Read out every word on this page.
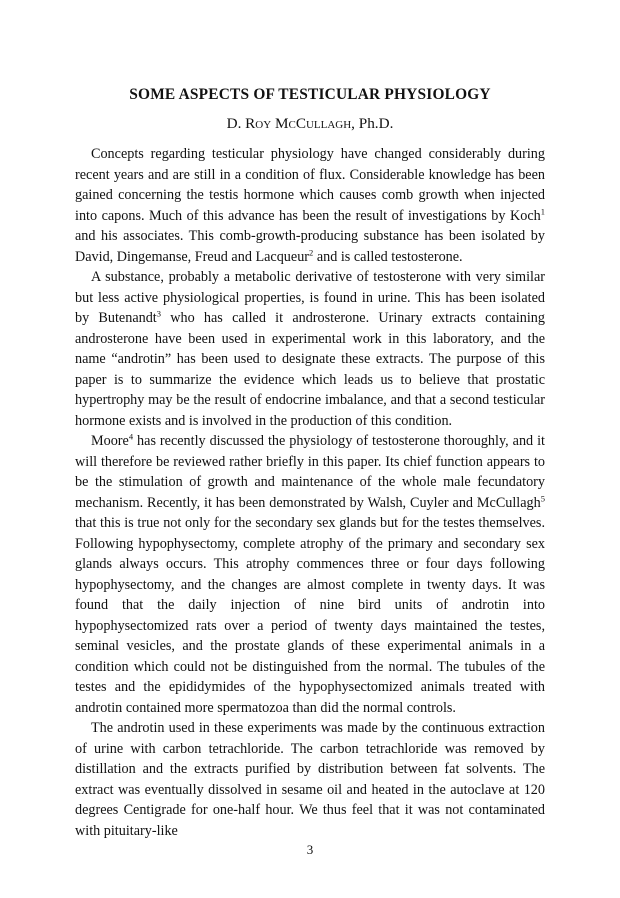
SOME ASPECTS OF TESTICULAR PHYSIOLOGY

D. Roy McCullagh, Ph.D.

Concepts regarding testicular physiology have changed considerably during recent years and are still in a condition of flux. Considerable knowledge has been gained concerning the testis hormone which causes comb growth when injected into capons. Much of this advance has been the result of investigations by Koch$^1$ and his associates. This comb-growth-producing substance has been isolated by David, Dingemanse, Freud and Lacqueur$^2$ and is called testosterone.

A substance, probably a metabolic derivative of testosterone with very similar but less active physiological properties, is found in urine. This has been isolated by Butenandt$^3$ who has called it androsterone. Urinary extracts containing androsterone have been used in experimental work in this laboratory, and the name “androtin” has been used to designate these extracts. The purpose of this paper is to summarize the evidence which leads us to believe that prostatic hypertrophy may be the result of endocrine imbalance, and that a second testicular hormone exists and is involved in the production of this condition.

Moore$^4$ has recently discussed the physiology of testosterone thoroughly, and it will therefore be reviewed rather briefly in this paper. Its chief function appears to be the stimulation of growth and maintenance of the whole male fecundatory mechanism. Recently, it has been demonstrated by Walsh, Cuyler and McCullagh$^5$ that this is true not only for the secondary sex glands but for the testes themselves. Following hypophysectomy, complete atrophy of the primary and secondary sex glands always occurs. This atrophy commences three or four days following hypophysectomy, and the changes are almost complete in twenty days. It was found that the daily injection of nine bird units of androtin into hypophysectomized rats over a period of twenty days maintained the testes, seminal vesicles, and the prostate glands of these experimental animals in a condition which could not be distinguished from the normal. The tubules of the testes and the epididymides of the hypophysectomized animals treated with androtin contained more spermatozoa than did the normal controls.

The androtin used in these experiments was made by the continuous extraction of urine with carbon tetrachloride. The carbon tetrachloride was removed by distillation and the extracts purified by distribution between fat solvents. The extract was eventually dissolved in sesame oil and heated in the autoclave at 120 degrees Centigrade for one-half hour. We thus feel that it was not contaminated with pituitary-like

3
